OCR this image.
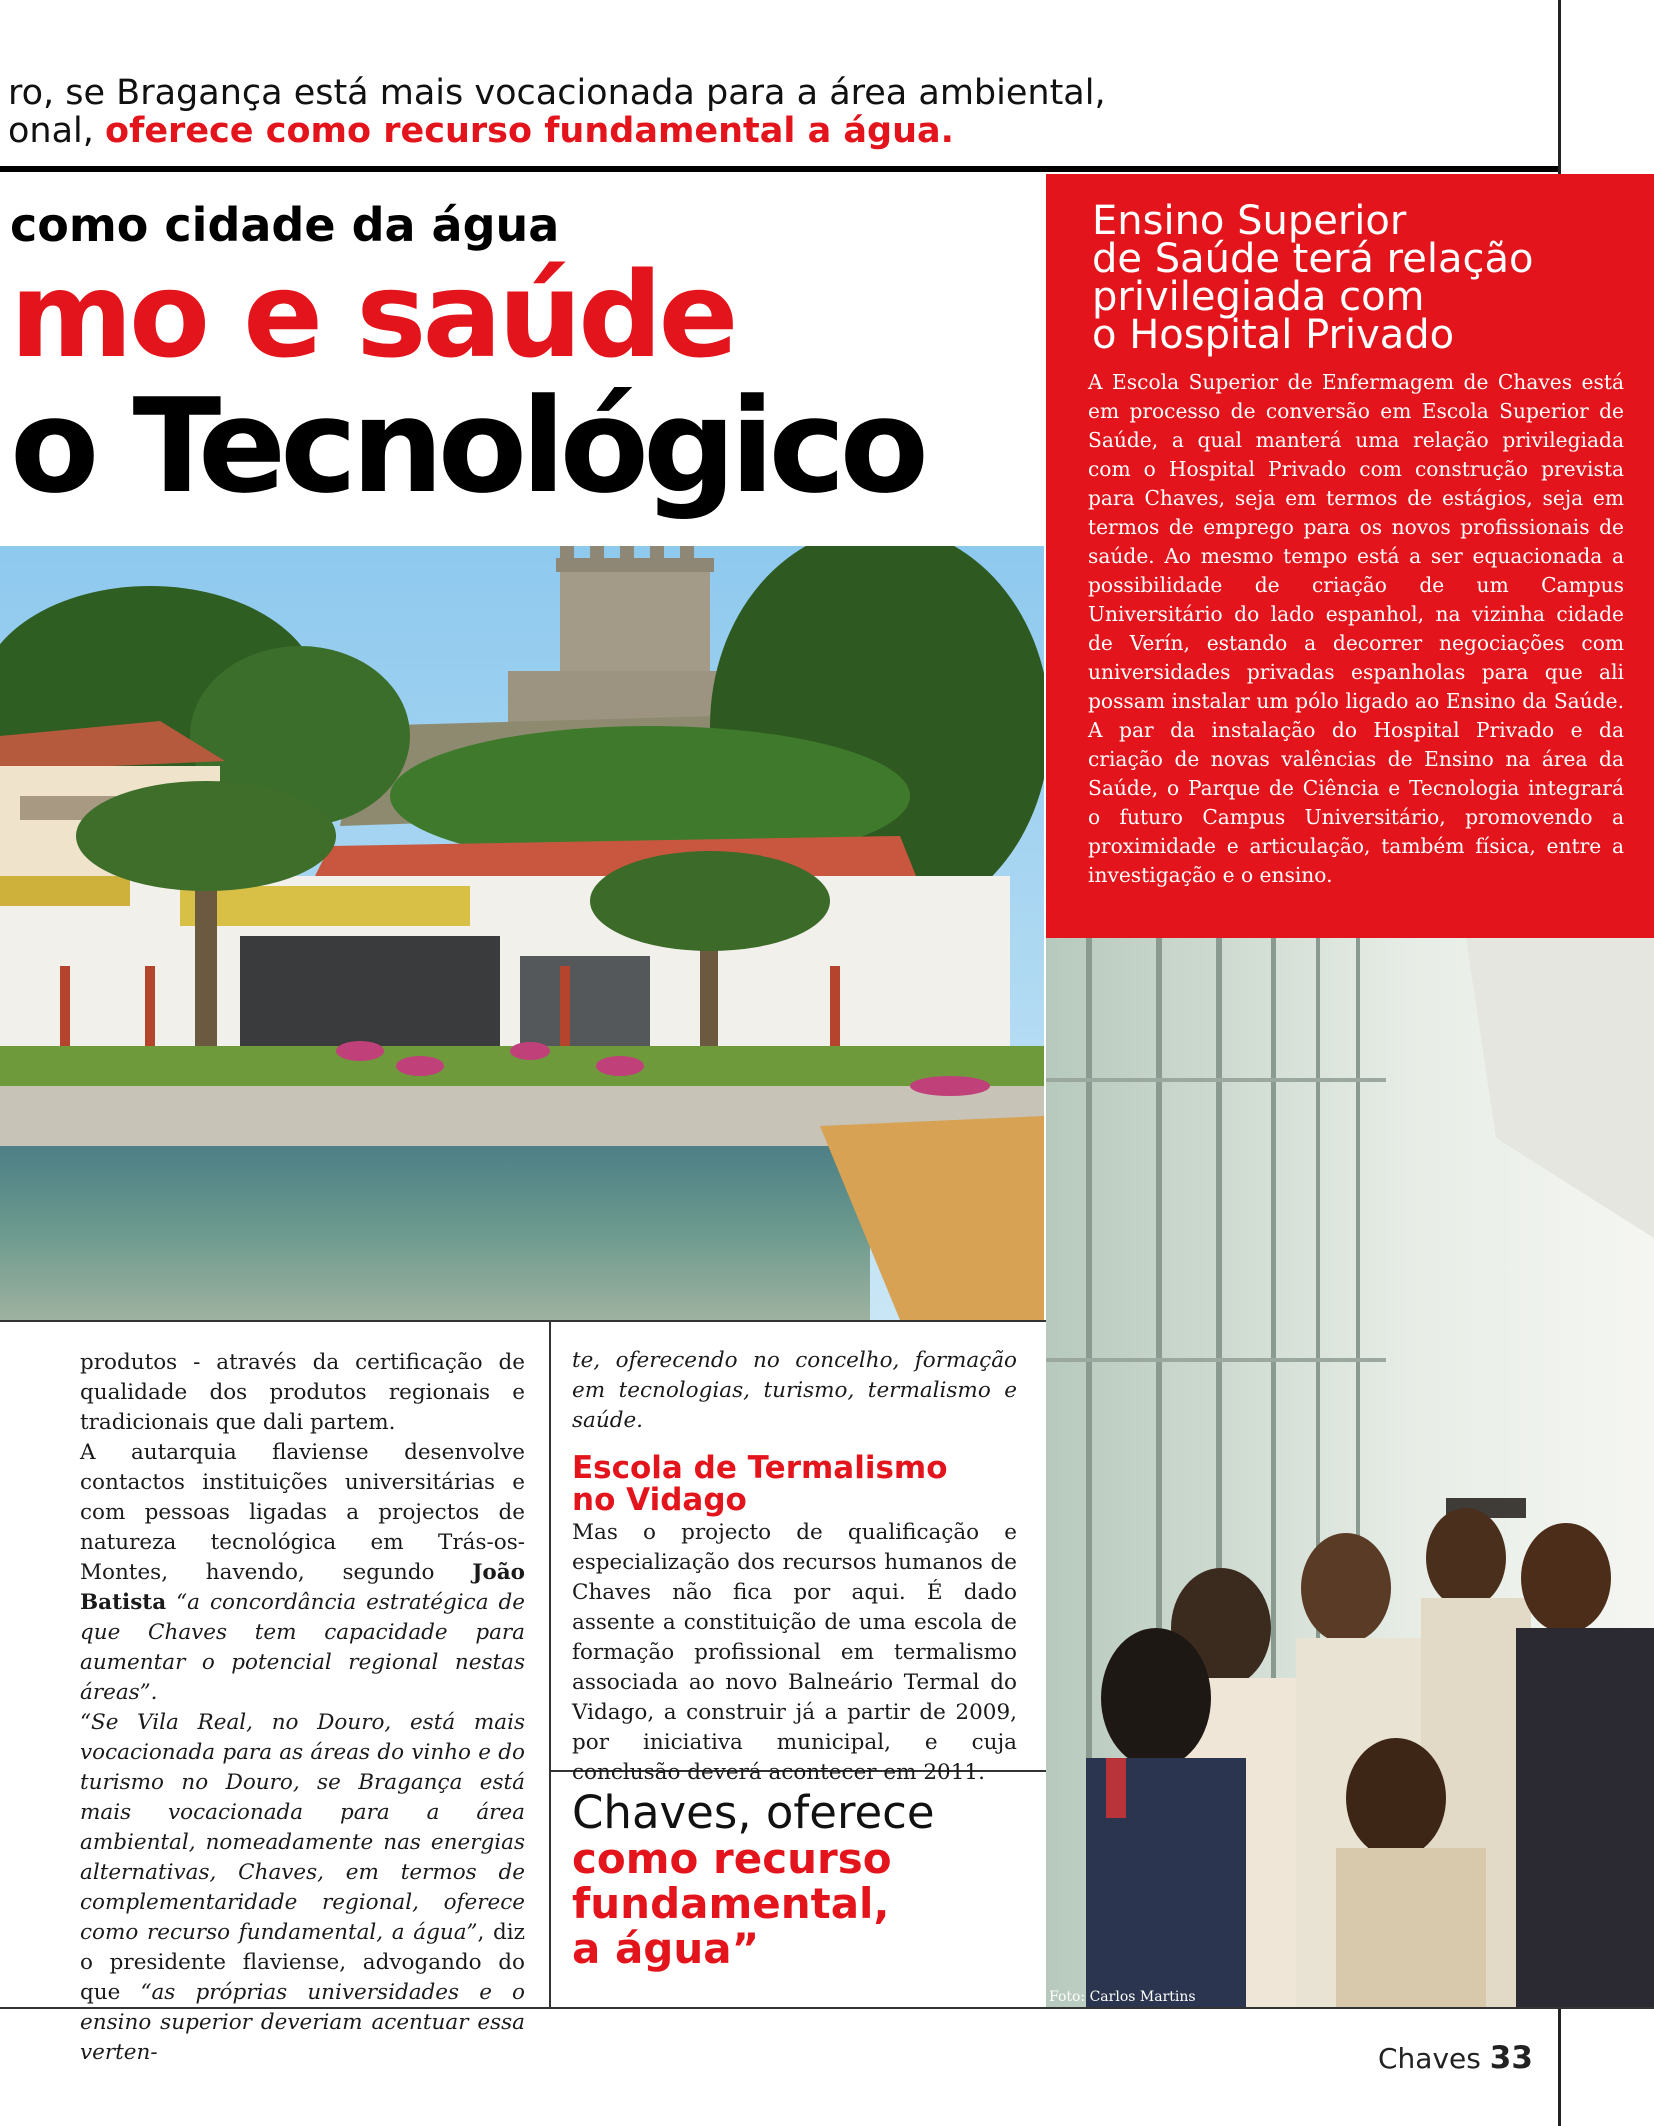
ro, se Bragança está mais vocacionada para a área ambiental,
onal, oferece como recurso fundamental a água.
como cidade da água
mo e saúde
o Tecnológico
Ensino Superior
de Saúde terá relação
privilegiada com
o Hospital Privado

A Escola Superior de Enfermagem de Chaves está em processo de conversão em Escola Superior de Saúde, a qual manterá uma relação privilegiada com o Hospital Privado com construção prevista para Chaves, seja em termos de estágios, seja em termos de emprego para os novos profissionais de saúde. Ao mesmo tempo está a ser equacionada a possibilidade de criação de um Campus Universitário do lado espanhol, na vizinha cidade de Verín, estando a decorrer negociações com universidades privadas espanholas para que ali possam instalar um pólo ligado ao Ensino da Saúde. A par da instalação do Hospital Privado e da criação de novas valências de Ensino na área da Saúde, o Parque de Ciência e Tecnologia integrará o futuro Campus Universitário, promovendo a proximidade e articulação, também física, entre a investigação e o ensino.

Foto: Carlos Martins

produtos - através da certificação de qualidade dos produtos regionais e tradicionais que dali partem.

A autarquia flaviense desenvolve contactos instituições universitárias e com pessoas ligadas a projectos de natureza tecnológica em Trás-os-Montes, havendo, segundo João Batista “a concordância estratégica de que Chaves tem capacidade para aumentar o potencial regional nestas áreas”.

“Se Vila Real, no Douro, está mais vocacionada para as áreas do vinho e do turismo no Douro, se Bragança está mais vocacionada para a área ambiental, nomeadamente nas energias alternativas, Chaves, em termos de complementaridade regional, oferece como recurso fundamental, a água”, diz o presidente flaviense, advogando do que “as próprias universidades e o ensino superior deveriam acentuar essa verten-

te, oferecendo no concelho, formação em tecnologias, turismo, termalismo e saúde.

Escola de Termalismo
no Vidago

Mas o projecto de qualificação e especialização dos recursos humanos de Chaves não fica por aqui. É dado assente a constituição de uma escola de formação profissional em termalismo associada ao novo Balneário Termal do Vidago, a construir já a partir de 2009, por iniciativa municipal, e cuja conclusão deverá acontecer em 2011.

Chaves, oferece
como recurso
fundamental,
a água”
Chaves 33
